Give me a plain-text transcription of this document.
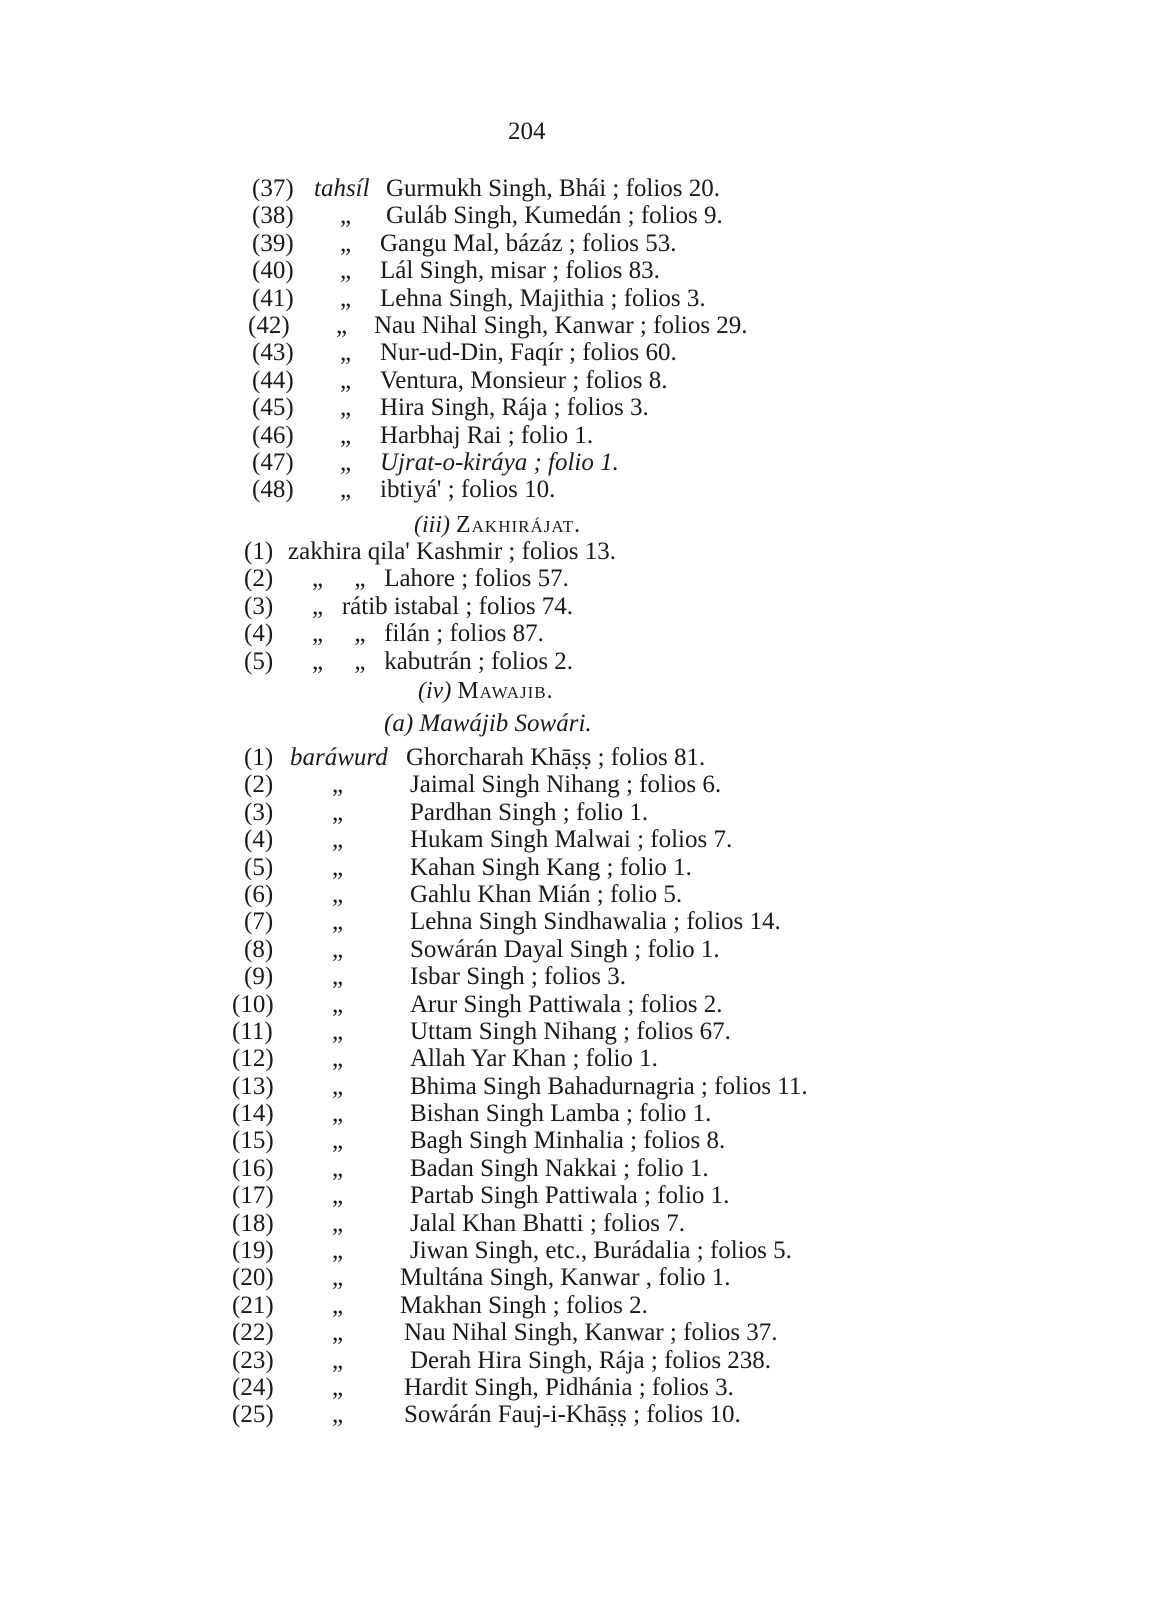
204
(37) tahsíl Gurmukh Singh, Bhái ; folios 20.
(38) „ Guláb Singh, Kumedán ; folios 9.
(39) „ Gangu Mal, bázáz ; folios 53.
(40) „ Lál Singh, misar ; folios 83.
(41) „ Lehna Singh, Majithia ; folios 3.
(42) „ Nau Nihal Singh, Kanwar ; folios 29.
(43) „ Nur-ud-Din, Faqír ; folios 60.
(44) „ Ventura, Monsieur ; folios 8.
(45) „ Hira Singh, Rája ; folios 3.
(46) „ Harbhaj Rai ; folio 1.
(47) „ Ujrat-o-kiráya ; folio 1.
(48) „ ibtiyá' ; folios 10.
(iii) Zakhirájat.
(1) zakhira qila' Kashmir ; folios 13.
(2) „     „   Lahore ; folios 57.
(3) „   rátib istabal ; folios 74.
(4) „     „   filán ; folios 87.
(5) „     „   kabutrán ; folios 2.
(iv) Mawajib.
(a) Mawájib Sowári.
(1) baráwurd Ghorcharah Khāṣṣ ; folios 81.
(2) „	Jaimal Singh Nihang ; folios 6.
(3) „	Pardhan Singh ; folio 1.
(4) „	Hukam Singh Malwai ; folios 7.
(5) „	Kahan Singh Kang ; folio 1.
(6) „	Gahlu Khan Mián ; folio 5.
(7) „	Lehna Singh Sindhawalia ; folios 14.
(8) „	Sowárán Dayal Singh ; folio 1.
(9) „	Isbar Singh ; folios 3.
(10) „	Arur Singh Pattiwala ; folios 2.
(11) „	Uttam Singh Nihang ; folios 67.
(12) „	Allah Yar Khan ; folio 1.
(13) „	Bhima Singh Bahadurnagria ; folios 11.
(14) „	Bishan Singh Lamba ; folio 1.
(15) „	Bagh Singh Minhalia ; folios 8.
(16) „	Badan Singh Nakkai ; folio 1.
(17) „	Partab Singh Pattiwala ; folio 1.
(18) „	Jalal Khan Bhatti ; folios 7.
(19) „	Jiwan Singh, etc., Burádalia ; folios 5.
(20) „ Multána Singh, Kanwar , folio 1.
(21) „ Makhan Singh ; folios 2.
(22) „ Nau Nihal Singh, Kanwar ; folios 37.
(23) „	Derah Hira Singh, Rája ; folios 238.
(24) „ Hardit Singh, Pidhánia ; folios 3.
(25) „ Sowárán Fauj-i-Khāṣṣ ; folios 10.
